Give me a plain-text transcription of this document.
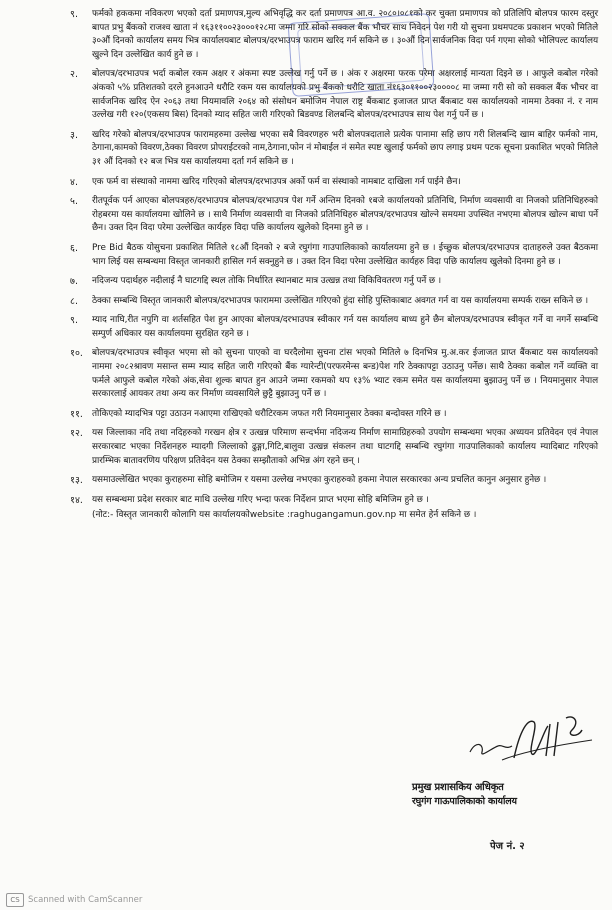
९.	फर्मको हककमा नविकरण भएको दर्ता प्रमाणपत्र,मुल्य अभिवृद्धि कर दर्ता प्रमाणपत्र आ.व. २०८०।०८१को कर चुक्ता प्रमाणपत्र को प्रतिलिपि बोलपत्र फारम दस्तुर बापत प्रभु बैंकको राजश्व खाता नं १६३११००२३०००१२८मा जम्मा गरि सोको सक्कल बैंक भौचर साथ निवेदन पेश गरी यो सुचना प्रथमपटक प्रकाशन भएको मितिले ३०औं दिनको कार्यालय समय भित्र कार्यालयबाट बोलपत्र/दरभाउपत्र फाराम खरिद गर्न सकिने छ । ३०औं दिन सार्वजनिक विदा पर्न गएमा सोको भोलिपल्ट कार्यालय खुल्ने दिन उल्लेखित कार्य हुने छ ।
२.	बोलपत्र/दरभाउपत्र भर्दा कबोल रकम अक्षर र अंकमा स्पष्ट उल्लेख गर्नु पर्ने छ । अंक र अक्षरमा फरक परेमा अक्षरलाई मान्यता दिइने छ । आफुले कबोल गरेको अंकको ५% प्रतिशतको दरले हुनआउने धरौटि रकम यस कार्यालयको प्रभु बैंकको धरौटि खाता नं१६३०११००२३००००८ मा जम्मा गरी सो को सक्कल बैंक भौचर वा सार्वजनिक खरिद ऐन २०६३ तथा नियमावलि २०६४ को संसोधन बमोजिम नेपाल राष्ट्र बैंकबाट इजाजत प्राप्त बैंकबाट यस कार्यालयको नाममा ठेक्का नं. र नाम उल्लेख गरी १२०(एकसय बिस) दिनको म्याद सहित जारी गरिएको बिडवण्ड शिलबन्दि बोलपत्र/दरभाउपत्र साथ पेश गर्नु पर्ने छ ।
३.	खरिद गरेको बोलपत्र/दरभाउपत्र फारामहरुमा उल्लेख भएका सबै विवरणहरु भरी बोलपत्रदाताले प्रत्येक पानामा सहि छाप गरी शिलबन्दि खाम बाहिर फर्मको नाम, ठेगाना,कामको विवरण,ठेक्का विवरण प्रोपराईटरको नाम,ठेगाना,फोन नं मोबाईल नं समेत स्पष्ट खुलाई फर्मको छाप लगाइ प्रथम पटक सूचना प्रकाशित भएको मितिले ३१ औं दिनको १२ बज भित्र यस कार्यालयमा दर्ता गर्न सकिने छ ।
४.	एक फर्म वा संस्थाको नाममा खरिद गरिएको बोलपत्र/दरभाउपत्र अर्को फर्म वा संस्थाको नामबाट दाखिला गर्न पाईने छैन।
५.	रीतपूर्वक पर्न आएका बोलपत्रहरु/दरभाउपत्र बोलपत्र/दरभाउपत्र पेश गर्ने अन्तिम दिनको १बजे कार्यालयको प्रतिनिधि, निर्माण व्यवसायी वा निजको प्रतिनिधिहरुको रोहबरमा यस कार्यालयमा खोलिने छ । साथै निर्माण व्यवसायी वा निजको प्रतिनिधिहरु बोलपत्र/दरभाउपत्र खोल्ने समयमा उपस्थित नभएमा बोलपत्र खोल्न बाधा पर्ने छैन। उक्त दिन विदा परेमा उल्लेखित कार्यहरु विदा पछि कार्यालय खुलेको दिनमा हुने छ ।
६.	Pre Bid बैठक योसुचना प्रकाशित मितिले १८औं दिनको २ बजे रघुगंगा गाउपालिकाको कार्यालयमा हुने छ । ईच्छुक बोलपत्र/दरभाउपत्र दाताहरुले उक्त बैठकमा भाग लिई यस सम्बन्धमा विस्तृत जानकारी हासिल गर्न सक्नुहुने छ । उक्त दिन विदा परेमा उल्लेखित कार्यहरु विदा पछि कार्यालय खुलेको दिनमा हुने छ ।
७.	नदिजन्य पदार्थहरु नदीलाई नै घाटगद्दि स्थल तोकि निर्धारित स्थानबाट मात्र उत्खन्न तथा विकिविवतरण गर्नु पर्ने छ ।
८.	ठेक्का सम्बन्धि विस्तृत जानकारी बोलपत्र/दरभाउपत्र फाराममा उल्लेखित गरिएको हुंदा सोहि पुस्तिकाबाट अवगत गर्न वा यस कार्यालयमा सम्पर्क राख्न सकिने छ ।
९.	म्याद नाघि,रीत नपुगि वा शर्तसहित पेश हुन आएका बोलपत्र/दरभाउपत्र स्वीकार गर्न यस कार्यालय बाध्य हुने छैन बोलपत्र/दरभाउपत्र स्वीकृत गर्ने वा नगर्ने सम्बन्धि सम्पुर्ण अधिकार यस कार्यालयमा सुरक्षित रहने छ ।
१०.	बोलपत्र/दरभाउपत्र स्वीकृत भएमा सो को सुचना पाएको वा घरदैलोमा सुचना टांस भएको मितिले ७ दिनभित्र मु.अ.कर ईजाजत प्राप्त बैंकबाट यस कार्यालयको नाममा २०८२श्रावण मसान्त सम्म म्याद सहित जारी गरिएको बैंक ग्यारेन्टी(परफरमेन्स बन्ड)पेश गरि ठेक्कापट्टा उठाउनु पर्नेछ। साथै ठेक्का कबोल गर्ने व्यक्ति वा फर्मले आफुले कबोल गरेको अंक,सेवा शुल्क बापत हुन आउने जम्मा रकमको थप १३% भ्याट रकम समेत यस कार्यालयमा बुझाउनु पर्ने छ । नियमानुसार नेपाल सरकारलाई आयकर तथा अन्य कर निर्माण व्यवसायिले छुट्टै बुझाउनु पर्ने छ ।
११.	तोकिएको म्यादभित्र पट्टा उठाउन नआएमा राखिएको धरौटिरकम जफत गरी नियमानुसार ठेक्का बन्दोवस्त गरिने छ ।
१२.	यस जिल्लाका नदि तथा नदिहरुको गरखन क्षेत्र र उत्खन्न परिमाण सन्दर्भमा नदिजन्य निर्माण सामाग्रिहरुको उपयोग सम्बन्धमा भएका अध्ययन प्रतिवेदन एवं नेपाल सरकारबाट भएका निर्देशनहरु म्यादगी जिल्लाको ढुङ्गा,गिटि,बालुवा उत्खन्न संकलन तथा घाटगद्दि सम्बन्धि रघुगंगा गाउपालिकाको कार्यालय म्यादिबाट गरिएको प्रारम्भिक बातावरणिय परिक्षण प्रतिवेदन यस ठेक्का सम्झौताको अभिन्न अंग रहने छन् ।
१३.	यसमाउल्लेखित भएका कुराहरुमा सोहि बमोजिम र यसमा उल्लेख नभएका कुराहरुको हकमा नेपाल सरकारका अन्य प्रचलित कानुन अनुसार हुनेछ ।
१४.	यस सम्बन्धमा प्रदेश सरकार बाट माथि उल्लेख गरिए भन्दा फरक निर्देशन प्राप्त भएमा सोहि बमिजिम हुने छ ।
(नोट:- विस्तृत जानकारी कोलागि यस कार्यालयकोwebsite :raghugangamun.gov.np मा समेत हेर्न सकिने छ ।
प्रमुख प्रशासकिय अधिकृत
रघुगंग गाऊपालिकाको कार्यालय
पेज नं. २
CS Scanned with CamScanner
